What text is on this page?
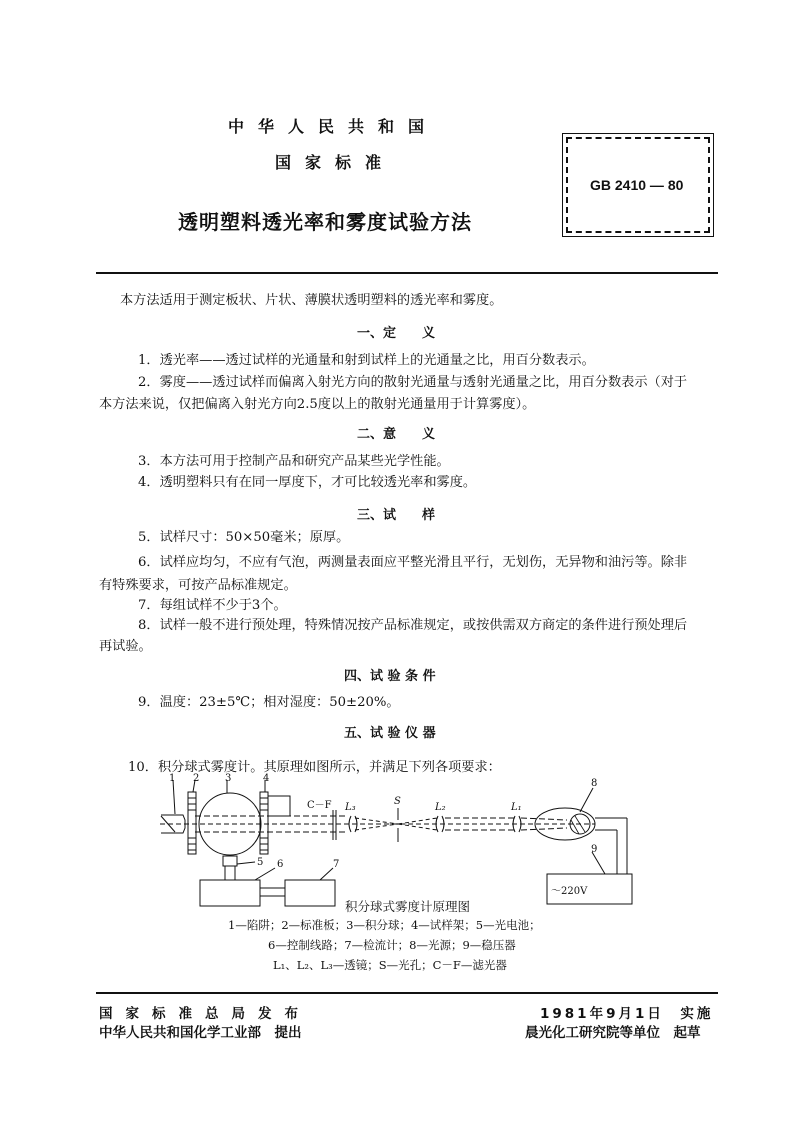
中华人民共和国
国家标准
透明塑料透光率和雾度试验方法
GB 2410 — 80
本方法适用于测定板状、片状、薄膜状透明塑料的透光率和雾度。
一、定　　义
1．透光率——透过试样的光通量和射到试样上的光通量之比，用百分数表示。
2．雾度——透过试样而偏离入射光方向的散射光通量与透射光通量之比，用百分数表示（对于
本方法来说，仅把偏离入射光方向2.5度以上的散射光通量用于计算雾度）。
二、意　　义
3．本方法可用于控制产品和研究产品某些光学性能。
4．透明塑料只有在同一厚度下，才可比较透光率和雾度。
三、试　　样
5．试样尺寸：50×50毫米；原厚。
6．试样应均匀，不应有气泡，两测量表面应平整光滑且平行，无划伤，无异物和油污等。除非
有特殊要求，可按产品标准规定。
7．每组试样不少于3个。
8．试样一般不进行预处理，特殊情况按产品标准规定，或按供需双方商定的条件进行预处理后
再试验。
四、试 验 条 件
9．温度：23±5℃；相对湿度：50±20%。
五、试 验 仪 器
10．积分球式雾度计。其原理如图所示，并满足下列各项要求：
1 2	3	4
5 6	7
8
9
C－F L₃
S
L₂	L₁
～220V
积分球式雾度计原理图
1—陷阱；2—标准板；3—积分球；4—试样架；5—光电池；
6—控制线路；7—检流计；8—光源；9—稳压器
L₁、L₂、L₃—透镜；S—光孔；C－F—滤光器
国家标准总局发布
中华人民共和国化学工业部　提出
1981年9月1日　实施
晨光化工研究院等单位　起草
